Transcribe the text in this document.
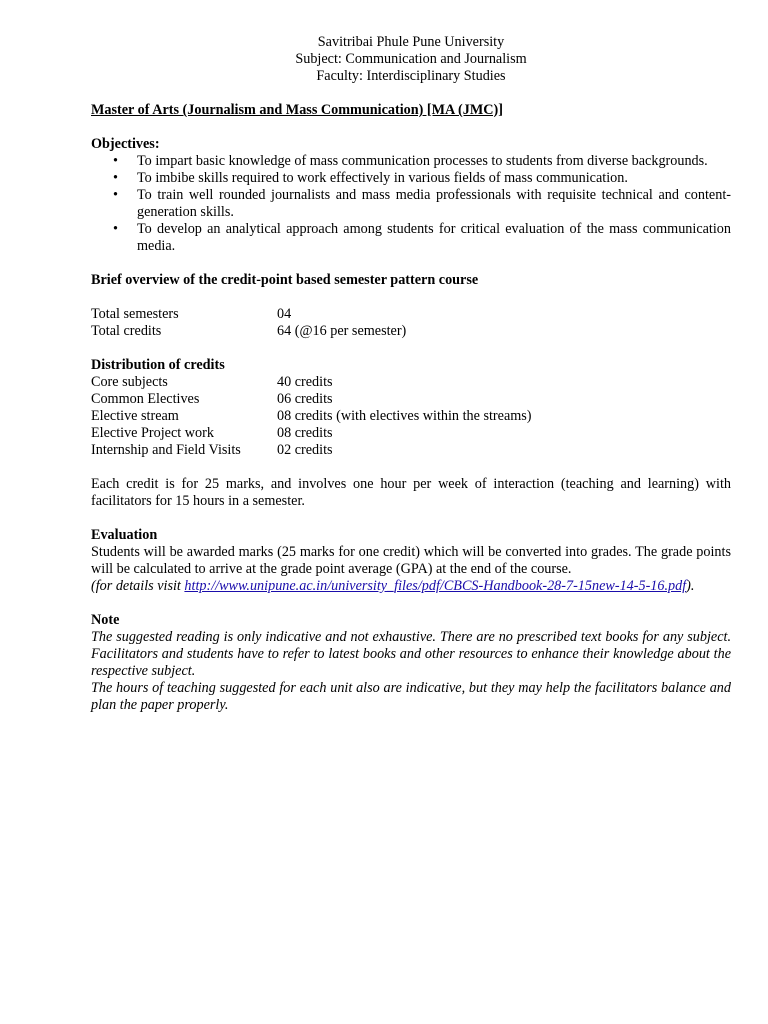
Savitribai Phule Pune University
Subject: Communication and Journalism
Faculty: Interdisciplinary Studies
Master of Arts (Journalism and Mass Communication) [MA (JMC)]
Objectives:
• To impart basic knowledge of mass communication processes to students from diverse backgrounds.
• To imbibe skills required to work effectively in various fields of mass communication.
• To train well rounded journalists and mass media professionals with requisite technical and content-generation skills.
• To develop an analytical approach among students for critical evaluation of the mass communication media.
Brief overview of the credit-point based semester pattern course
Total semesters	04
Total credits	64 (@16 per semester)
Distribution of credits
Core subjects	40 credits
Common Electives	06 credits
Elective stream	08 credits (with electives within the streams)
Elective Project work	08 credits
Internship and Field Visits	02 credits
Each credit is for 25 marks, and involves one hour per week of interaction (teaching and learning) with facilitators for 15 hours in a semester.
Evaluation
Students will be awarded marks (25 marks for one credit) which will be converted into grades. The grade points will be calculated to arrive at the grade point average (GPA) at the end of the course.
(for details visit http://www.unipune.ac.in/university_files/pdf/CBCS-Handbook-28-7-15new-14-5-16.pdf).
Note
The suggested reading is only indicative and not exhaustive. There are no prescribed text books for any subject. Facilitators and students have to refer to latest books and other resources to enhance their knowledge about the respective subject.
The hours of teaching suggested for each unit also are indicative, but they may help the facilitators balance and plan the paper properly.
